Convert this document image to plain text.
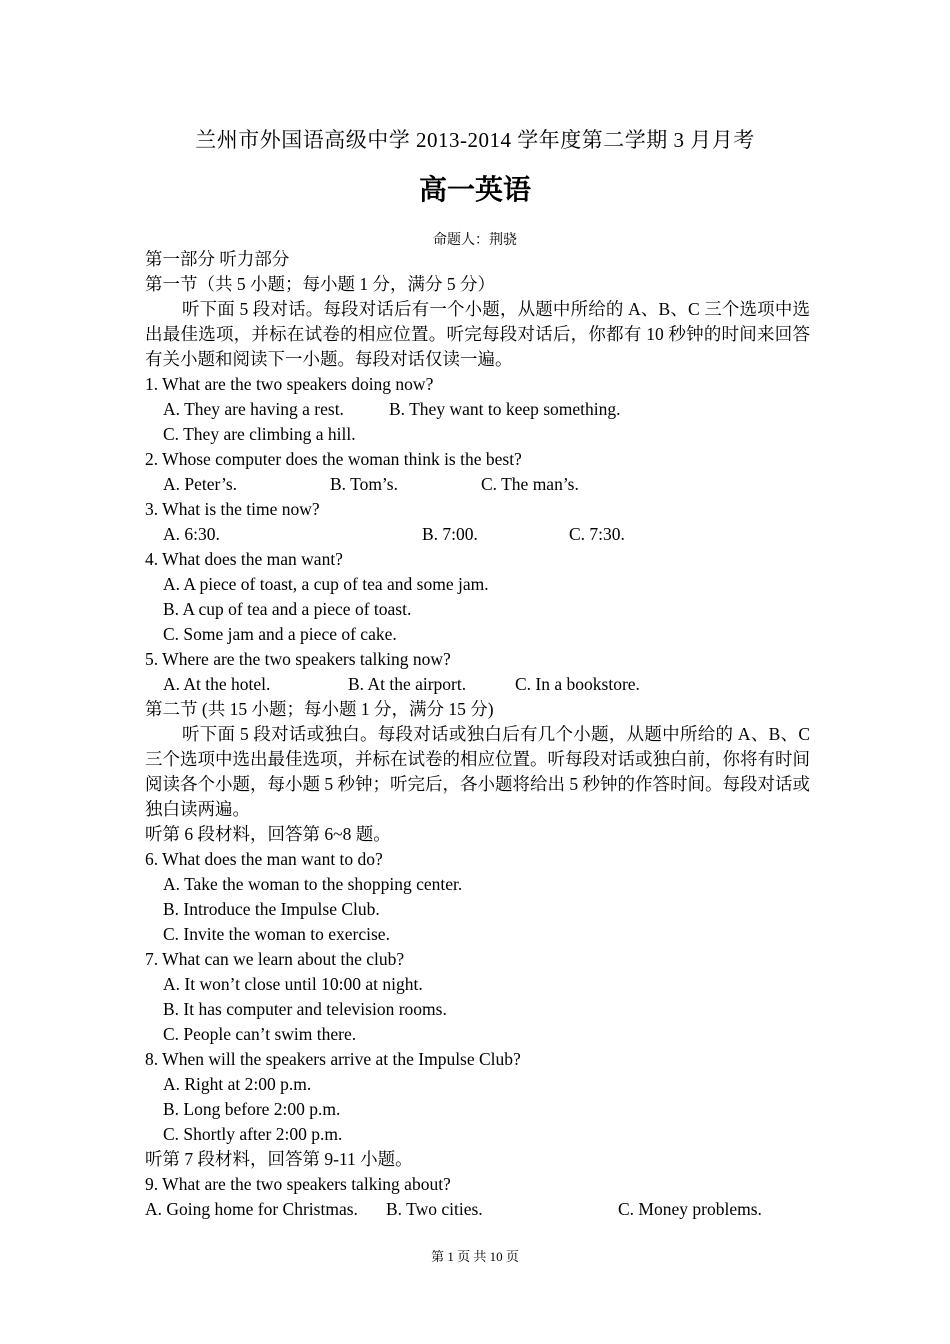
兰州市外国语高级中学 2013-2014 学年度第二学期 3 月月考
高一英语
命题人：荆骁
第一部分 听力部分
第一节（共 5 小题；每小题 1 分，满分 5 分）
听下面 5 段对话。每段对话后有一个小题，从题中所给的 A、B、C 三个选项中选出最佳选项，并标在试卷的相应位置。听完每段对话后，你都有 10 秒钟的时间来回答有关小题和阅读下一小题。每段对话仅读一遍。
1. What are the two speakers doing now?
A. They are having a rest.	B. They want to keep something.
C. They are climbing a hill.
2. Whose computer does the woman think is the best?
A. Peter’s.	B. Tom’s.	C. The man’s.
3. What is the time now?
A. 6:30.	B. 7:00.	C. 7:30.
4. What does the man want?
A. A piece of toast, a cup of tea and some jam.
B. A cup of tea and a piece of toast.
C. Some jam and a piece of cake.
5. Where are the two speakers talking now?
A. At the hotel.	B. At the airport.	C. In a bookstore.
第二节 (共 15 小题；每小题 1 分，满分 15 分)
听下面 5 段对话或独白。每段对话或独白后有几个小题，从题中所给的 A、B、C 三个选项中选出最佳选项，并标在试卷的相应位置。听每段对话或独白前，你将有时间阅读各个小题，每小题 5 秒钟；听完后，各小题将给出 5 秒钟的作答时间。每段对话或独白读两遍。
听第 6 段材料，回答第 6~8 题。
6. What does the man want to do?
A. Take the woman to the shopping center.
B. Introduce the Impulse Club.
C. Invite the woman to exercise.
7. What can we learn about the club?
A. It won’t close until 10:00 at night.
B. It has computer and television rooms.
C. People can’t swim there.
8. When will the speakers arrive at the Impulse Club?
A. Right at 2:00 p.m.
B. Long before 2:00 p.m.
C. Shortly after 2:00 p.m.
听第 7 段材料，回答第 9-11 小题。
9. What are the two speakers talking about?
A. Going home for Christmas.	B. Two cities.	C. Money problems.
第 1 页 共 10 页
